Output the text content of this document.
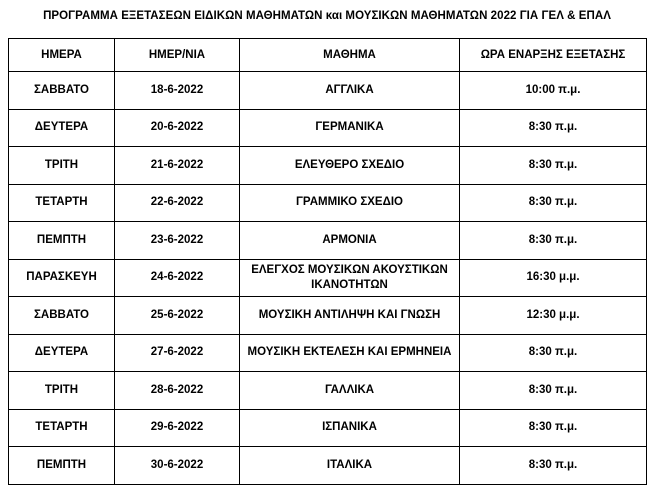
ΠΡΟΓΡΑΜΜΑ ΕΞΕΤΑΣΕΩΝ ΕΙΔΙΚΩΝ ΜΑΘΗΜΑΤΩΝ και ΜΟΥΣΙΚΩΝ ΜΑΘΗΜΑΤΩΝ 2022 ΓΙΑ ΓΕΛ & ΕΠΑΛ
ΗΜΕΡΑ	ΗΜΕΡ/ΝΙΑ	ΜΑΘΗΜΑ	ΩΡΑ ΕΝΑΡΞΗΣ ΕΞΕΤΑΣΗΣ
ΣΑΒΒΑΤΟ	18-6-2022	ΑΓΓΛΙΚΑ	10:00 π.μ.
ΔΕΥΤΕΡΑ	20-6-2022	ΓΕΡΜΑΝΙΚΑ	8:30 π.μ.
ΤΡΙΤΗ	21-6-2022	ΕΛΕΥΘΕΡΟ ΣΧΕΔΙΟ	8:30 π.μ.
ΤΕΤΑΡΤΗ	22-6-2022	ΓΡΑΜΜΙΚΟ ΣΧΕΔΙΟ	8:30 π.μ.
ΠΕΜΠΤΗ	23-6-2022	ΑΡΜΟΝΙΑ	8:30 π.μ.
ΠΑΡΑΣΚΕΥΗ	24-6-2022	ΕΛΕΓΧΟΣ ΜΟΥΣΙΚΩΝ ΑΚΟΥΣΤΙΚΩΝ ΙΚΑΝΟΤΗΤΩΝ	16:30 μ.μ.
ΣΑΒΒΑΤΟ	25-6-2022	ΜΟΥΣΙΚΗ ΑΝΤΙΛΗΨΗ ΚΑΙ ΓΝΩΣΗ	12:30 μ.μ.
ΔΕΥΤΕΡΑ	27-6-2022	ΜΟΥΣΙΚΗ ΕΚΤΕΛΕΣΗ ΚΑΙ ΕΡΜΗΝΕΙΑ	8:30 π.μ.
ΤΡΙΤΗ	28-6-2022	ΓΑΛΛΙΚΑ	8:30 π.μ.
ΤΕΤΑΡΤΗ	29-6-2022	ΙΣΠΑΝΙΚΑ	8:30 π.μ.
ΠΕΜΠΤΗ	30-6-2022	ΙΤΑΛΙΚΑ	8:30 π.μ.
